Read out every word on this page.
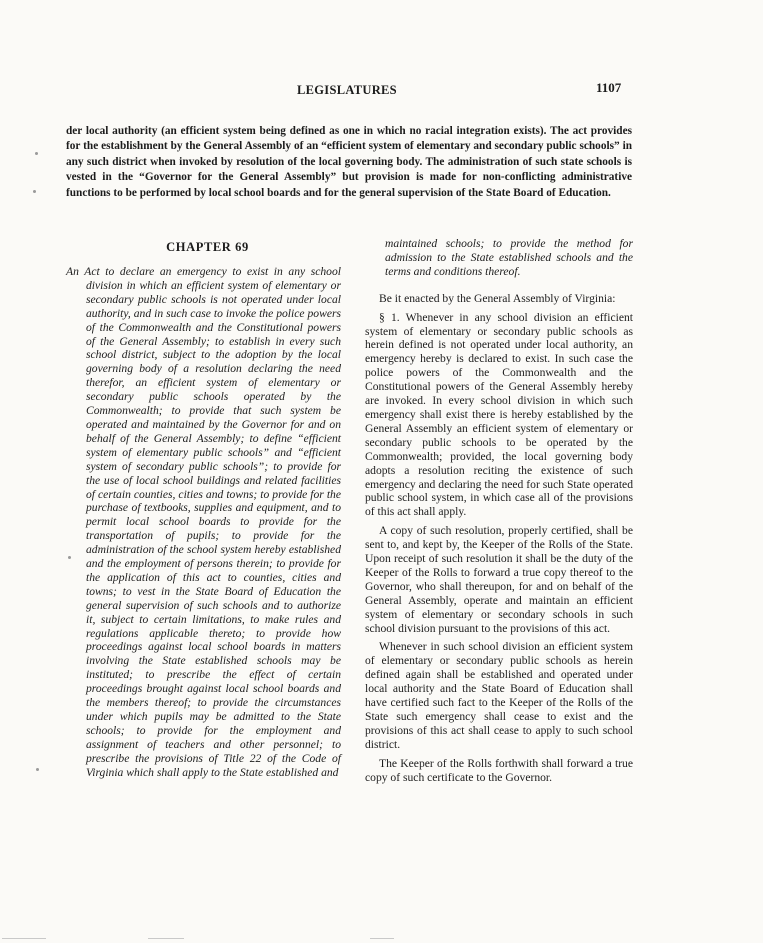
LEGISLATURES	1107

der local authority (an efficient system being defined as one in which no racial integration exists). The act provides for the establishment by the General Assembly of an “efficient system of elementary and secondary public schools” in any such district when invoked by resolution of the local governing body. The administration of such state schools is vested in the “Governor for the General Assembly” but provision is made for non-conflicting administrative functions to be performed by local school boards and for the general supervision of the State Board of Education.

CHAPTER 69

An Act to declare an emergency to exist in any school division in which an efficient system of elementary or secondary public schools is not operated under local authority, and in such case to invoke the police powers of the Commonwealth and the Constitutional powers of the General Assembly; to establish in every such school district, subject to the adoption by the local governing body of a resolution declaring the need therefor, an efficient system of elementary or secondary public schools operated by the Commonwealth; to provide that such system be operated and maintained by the Governor for and on behalf of the General Assembly; to define “efficient system of elementary public schools” and “efficient system of secondary public schools”; to provide for the use of local school buildings and related facilities of certain counties, cities and towns; to provide for the purchase of textbooks, supplies and equipment, and to permit local school boards to provide for the transportation of pupils; to provide for the administration of the school system hereby established and the employment of persons therein; to provide for the application of this act to counties, cities and towns; to vest in the State Board of Education the general supervision of such schools and to authorize it, subject to certain limitations, to make rules and regulations applicable thereto; to provide how proceedings against local school boards in matters involving the State established schools may be instituted; to prescribe the effect of certain proceedings brought against local school boards and the members thereof; to provide the circumstances under which pupils may be admitted to the State schools; to provide for the employment and assignment of teachers and other personnel; to prescribe the provisions of Title 22 of the Code of Virginia which shall apply to the State established and

maintained schools; to provide the method for admission to the State established schools and the terms and conditions thereof.

Be it enacted by the General Assembly of Virginia:

§ 1. Whenever in any school division an efficient system of elementary or secondary public schools as herein defined is not operated under local authority, an emergency hereby is declared to exist. In such case the police powers of the Commonwealth and the Constitutional powers of the General Assembly hereby are invoked. In every school division in which such emergency shall exist there is hereby established by the General Assembly an efficient system of elementary or secondary public schools to be operated by the Commonwealth; provided, the local governing body adopts a resolution reciting the existence of such emergency and declaring the need for such State operated public school system, in which case all of the provisions of this act shall apply.

A copy of such resolution, properly certified, shall be sent to, and kept by, the Keeper of the Rolls of the State. Upon receipt of such resolution it shall be the duty of the Keeper of the Rolls to forward a true copy thereof to the Governor, who shall thereupon, for and on behalf of the General Assembly, operate and maintain an efficient system of elementary or secondary schools in such school division pursuant to the provisions of this act.

Whenever in such school division an efficient system of elementary or secondary public schools as herein defined again shall be established and operated under local authority and the State Board of Education shall have certified such fact to the Keeper of the Rolls of the State such emergency shall cease to exist and the provisions of this act shall cease to apply to such school district.

The Keeper of the Rolls forthwith shall forward a true copy of such certificate to the Governor.
